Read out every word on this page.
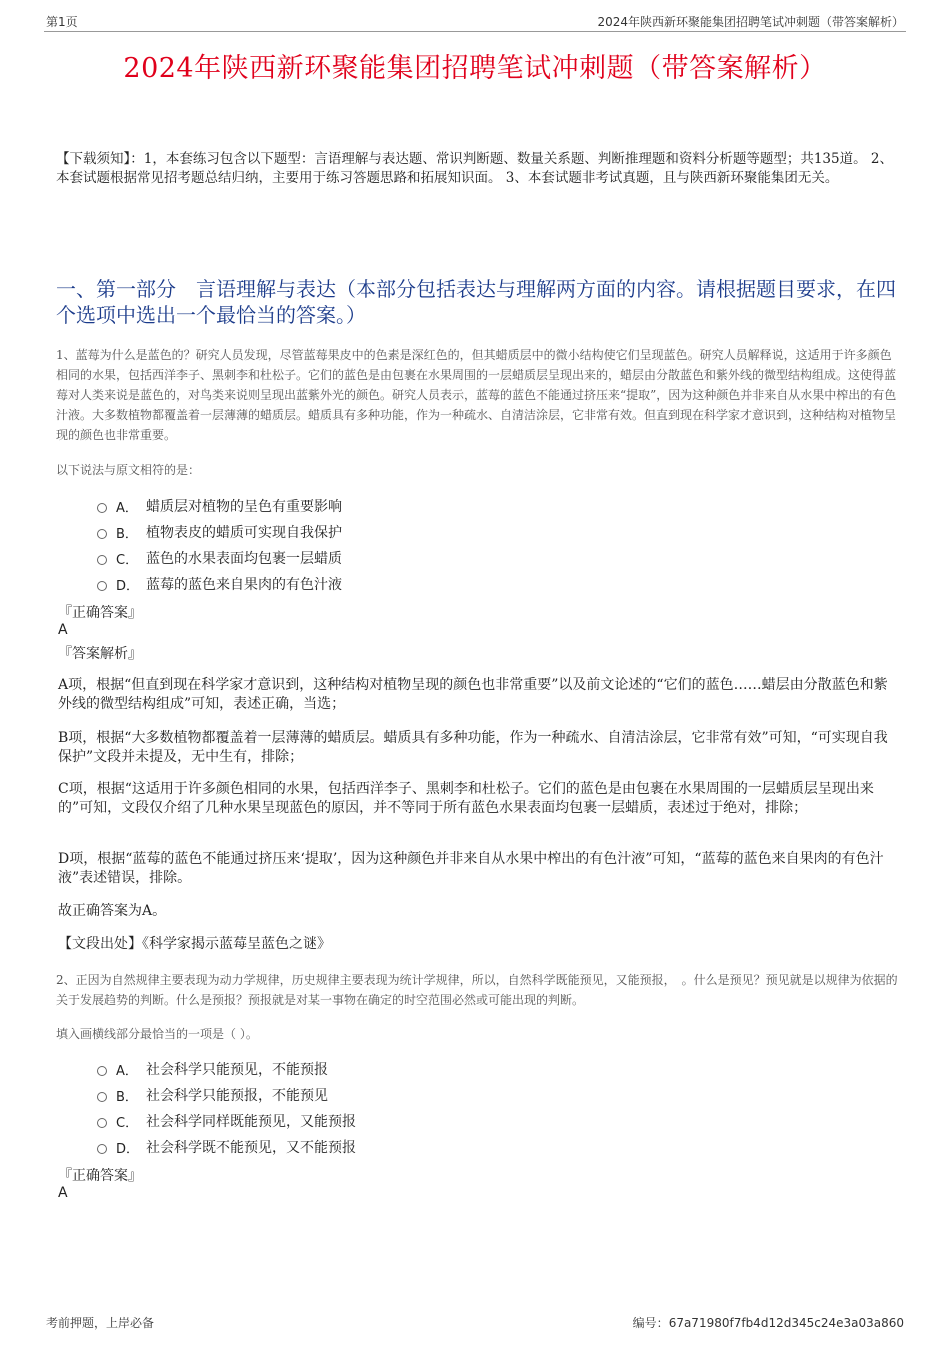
第1页	2024年陕西新环聚能集团招聘笔试冲刺题（带答案解析）
2024年陕西新环聚能集团招聘笔试冲刺题（带答案解析）
【下载须知】：1，本套练习包含以下题型：言语理解与表达题、常识判断题、数量关系题、判断推理题和资料分析题等题型；共135道。 2、本套试题根据常见招考题总结归纳，主要用于练习答题思路和拓展知识面。 3、本套试题非考试真题，且与陕西新环聚能集团无关。
一、第一部分　言语理解与表达（本部分包括表达与理解两方面的内容。请根据题目要求，在四个选项中选出一个最恰当的答案。）
1、蓝莓为什么是蓝色的？研究人员发现，尽管蓝莓果皮中的色素是深红色的，但其蜡质层中的微小结构使它们呈现蓝色。研究人员解释说，这适用于许多颜色相同的水果，包括西洋李子、黑刺李和杜松子。它们的蓝色是由包裹在水果周围的一层蜡质层呈现出来的，蜡层由分散蓝色和紫外线的微型结构组成。这使得蓝莓对人类来说是蓝色的，对鸟类来说则呈现出蓝紫外光的颜色。研究人员表示，蓝莓的蓝色不能通过挤压来“提取”，因为这种颜色并非来自从水果中榨出的有色汁液。大多数植物都覆盖着一层薄薄的蜡质层。蜡质具有多种功能，作为一种疏水、自清洁涂层，它非常有效。但直到现在科学家才意识到，这种结构对植物呈现的颜色也非常重要。
以下说法与原文相符的是：
A． 蜡质层对植物的呈色有重要影响
B． 植物表皮的蜡质可实现自我保护
C． 蓝色的水果表面均包裹一层蜡质
D． 蓝莓的蓝色来自果肉的有色汁液
『正确答案』
A
『答案解析』
A项，根据“但直到现在科学家才意识到，这种结构对植物呈现的颜色也非常重要”以及前文论述的“它们的蓝色……蜡层由分散蓝色和紫外线的微型结构组成”可知，表述正确，当选；
B项，根据“大多数植物都覆盖着一层薄薄的蜡质层。蜡质具有多种功能，作为一种疏水、自清洁涂层，它非常有效”可知，“可实现自我保护”文段并未提及，无中生有，排除；
C项，根据“这适用于许多颜色相同的水果，包括西洋李子、黑刺李和杜松子。它们的蓝色是由包裹在水果周围的一层蜡质层呈现出来的”可知，文段仅介绍了几种水果呈现蓝色的原因，并不等同于所有蓝色水果表面均包裹一层蜡质，表述过于绝对，排除；
D项，根据“蓝莓的蓝色不能通过挤压来‘提取’，因为这种颜色并非来自从水果中榨出的有色汁液”可知，“蓝莓的蓝色来自果肉的有色汁液”表述错误，排除。
故正确答案为A。
【文段出处】《科学家揭示蓝莓呈蓝色之谜》
2、正因为自然规律主要表现为动力学规律，历史规律主要表现为统计学规律，所以，自然科学既能预见，又能预报，　。什么是预见？预见就是以规律为依据的关于发展趋势的判断。什么是预报？预报就是对某一事物在确定的时空范围必然或可能出现的判断。
填入画横线部分最恰当的一项是（ ）。
A． 社会科学只能预见，不能预报
B． 社会科学只能预报，不能预见
C． 社会科学同样既能预见，又能预报
D． 社会科学既不能预见，又不能预报
『正确答案』
A
考前押题，上岸必备	编号：67a71980f7fb4d12d345c24e3a03a860
